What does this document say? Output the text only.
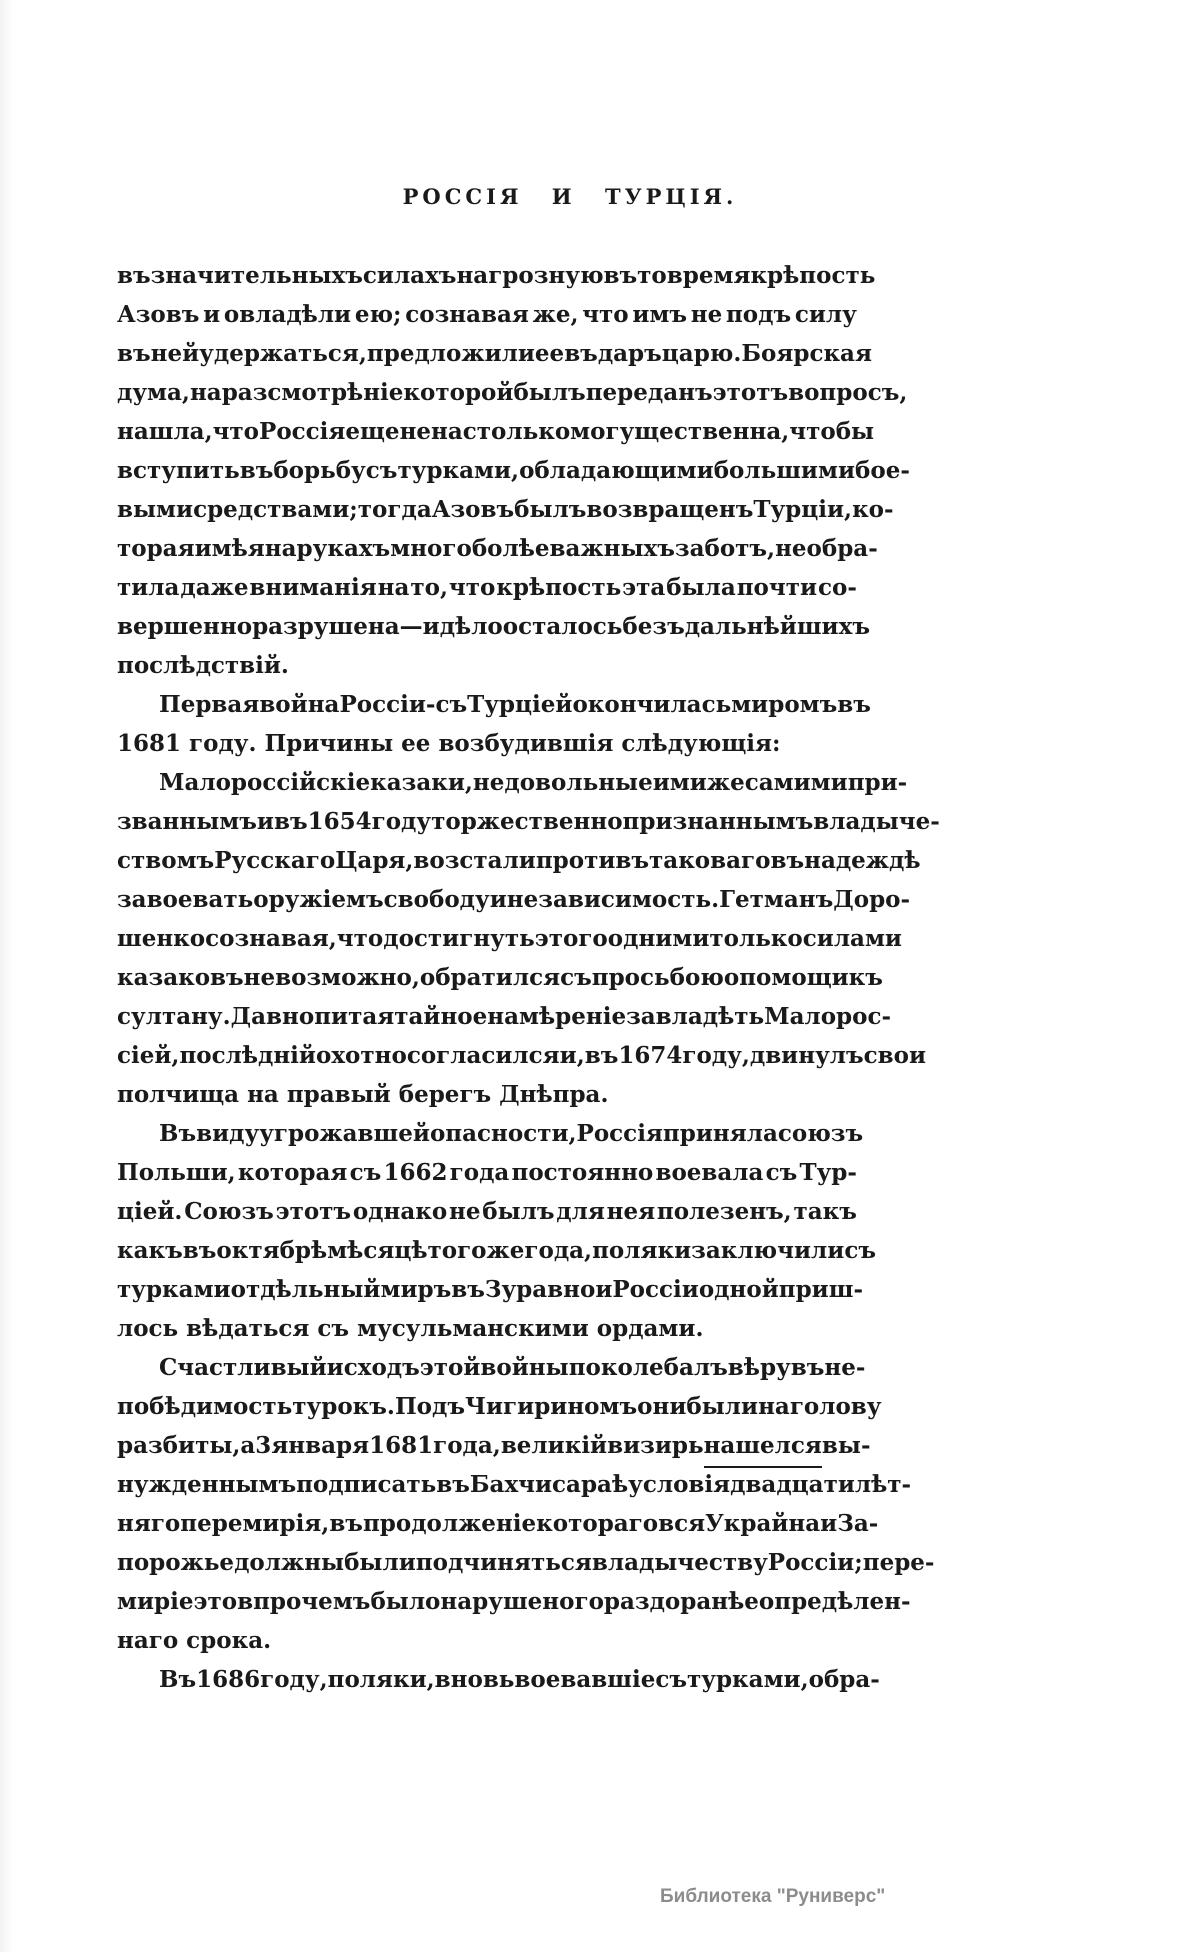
РОССІЯ И ТУРЦІЯ.
въ значительныхъ силахъ на грозную въ то время крѣпость
Азовъ и овладѣли ею; сознавая же, что имъ не подъ силу
въ ней удержаться, предложили ее въ даръ царю. Боярская
дума, на разсмотрѣніе которой былъ переданъ этотъ вопросъ,
нашла, что Россія еще не на столько могущественна, чтобы
вступить въ борьбу съ турками, обладающими большими бое-
выми средствами; тогда Азовъ былъ возвращенъ Турціи, ко-
торая имѣя на рукахъ много болѣе важныхъ заботъ, не обра-
тила даже вниманія на то, что крѣпость эта была почти со-
вершенно разрушена — и дѣло осталось безъ дальнѣйшихъ
послѣдствій.
Первая война Россіи - съ Турціей окончилась миромъ въ
1681 году. Причины ее возбудившія слѣдующія:
Малороссійскіе казаки, недовольные ими же самими при-
званнымъ и въ 1654 году торжественно признаннымъ владыче-
ствомъ Русскаго Царя, возстали противъ таковаго въ надеждѣ
завоевать оружіемъ свободу и независимость. Гетманъ Доро-
шенко сознавая, что достигнуть этого одними только силами
казаковъ невозможно, обратился съ просьбою о помощи къ
султану. Давно питая тайное намѣреніе завладѣть Малорос-
сіей, послѣдній охотно согласился и, въ 1674 году, двинулъ свои
полчища на правый берегъ Днѣпра.
Въ виду угрожавшей опасности, Россія приняла союзъ
Польши, которая съ 1662 года постоянно воевала съ Тур-
ціей. Союзъ этотъ однако не былъ для нея полезенъ, такъ
какъ въ октябрѣ мѣсяцѣ того же года, поляки заключили съ
турками отдѣльный миръ въ Зуравно и Россіи одной приш-
лось вѣдаться съ мусульманскими ордами.
Счастливый исходъ этой войны поколебалъ вѣру въ не-
побѣдимость турокъ. Подъ Чигириномъ они были на голову
разбиты, а 3 января 1681 года, великій визирь нашелся вы-
нужденнымъ подписать въ Бахчисараѣ условія двадцатилѣт-
няго перемирія, въ продолженіе котораго вся Украйна и За-
порожье должны были подчиняться владычеству Россіи; пере-
миріе это впрочемъ было нарушено гораздо ранѣе опредѣлен-
наго срока.
Въ 1686 году, поляки, вновь воевавшіе съ турками, обра-
Библиотека "Руниверс"
